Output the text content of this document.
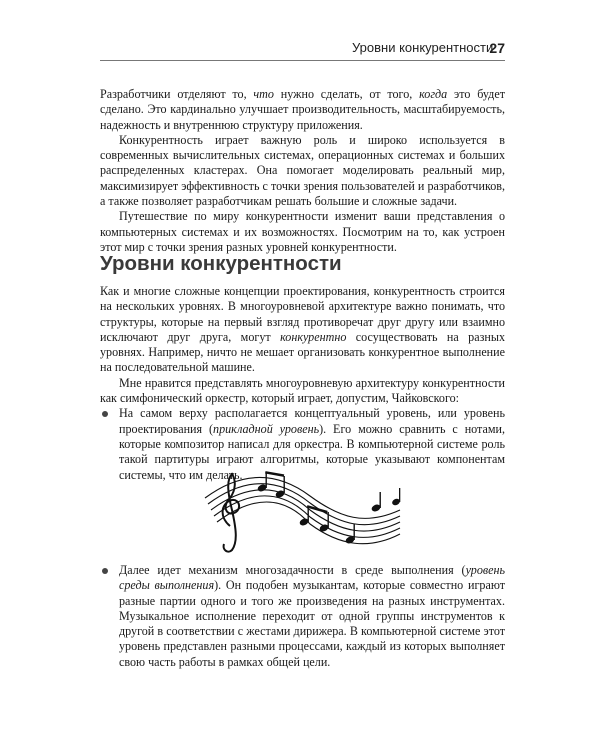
Уровни конкурентности
27

Разработчики отделяют то, что нужно сделать, от того, когда это будет сделано. Это кардинально улучшает производительность, масштабируемость, надежность и внутреннюю структуру приложения.

Конкурентность играет важную роль и широко используется в современных вычислительных системах, операционных системах и больших распределенных кластерах. Она помогает моделировать реальный мир, максимизирует эффективность с точки зрения пользователей и разработчиков, а также позволяет разработчикам решать большие и сложные задачи.

Путешествие по миру конкурентности изменит ваши представления о компьютерных системах и их возможностях. Посмотрим на то, как устроен этот мир с точки зрения разных уровней конкурентности.

Уровни конкурентности

Как и многие сложные концепции проектирования, конкурентность строится на нескольких уровнях. В многоуровневой архитектуре важно понимать, что структуры, которые на первый взгляд противоречат друг другу или взаимно исключают друг друга, могут конкурентно сосуществовать на разных уровнях. Например, ничто не мешает организовать конкурентное выполнение на последовательной машине.

Мне нравится представлять многоуровневую архитектуру конкурентности как симфонический оркестр, который играет, допустим, Чайковского:

На самом верху располагается концептуальный уровень, или уровень проектирования (прикладной уровень). Его можно сравнить с нотами, которые композитор написал для оркестра. В компьютерной системе роль такой партитуры играют алгоритмы, которые указывают компонентам системы, что им делать.

Далее идет механизм многозадачности в среде выполнения (уровень среды выполнения). Он подобен музыкантам, которые совместно играют разные партии одного и того же произведения на разных инструментах. Музыкальное исполнение переходит от одной группы инструментов к другой в соответствии с жестами дирижера. В компьютерной системе этот уровень представлен разными процессами, каждый из которых выполняет свою часть работы в рамках общей цели.
